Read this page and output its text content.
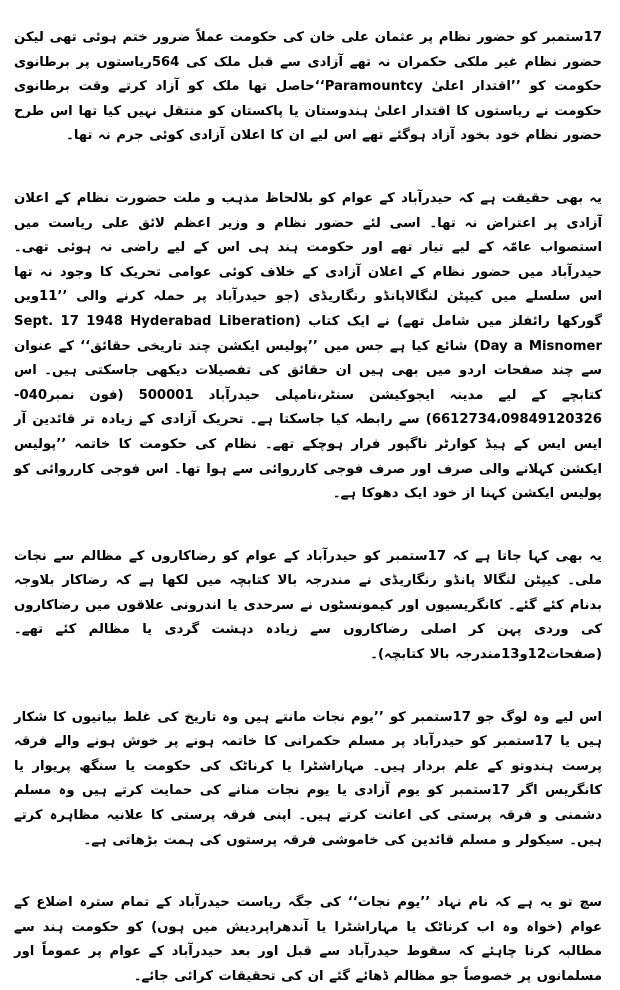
17ستمبر کو حضور نظام پر عثمان علی خان کی حکومت عملاً ضرور ختم ہوئی تھی لیکن حضور نظام غیر ملکی حکمران نہ تھے آزادی سے قبل ملک کی 564ریاستوں پر برطانوی حکومت کو ’’اقتدار اعلیٰ Paramountcy‘‘حاصل تھا ملک کو آزاد کرتے وقت برطانوی حکومت نے ریاستوں کا اقتدار اعلیٰ ہندوستان یا پاکستان کو منتقل نہیں کیا تھا اس طرح حضور نظام خود بخود آزاد ہوگئے تھے اس لیے ان کا اعلان آزادی کوئی جرم نہ تھا۔

یہ بھی حقیقت ہے کہ حیدرآباد کے عوام کو بلالحاظ مذہب و ملت حضورت نظام کے اعلان آزادی پر اعتراض نہ تھا۔ اسی لئے حضور نظام و وزیر اعظم لائق علی ریاست میں استصواب عامّہ کے لیے تیار تھے اور حکومت ہند ہی اس کے لیے راضی نہ ہوئی تھی۔ حیدرآباد میں حضور نظام کے اعلان آزادی کے خلاف کوئی عوامی تحریک کا وجود نہ تھا اس سلسلے میں کیپٹن لنگالاپانڈو رنگاریڈی (جو حیدرآباد پر حملہ کرنے والی ’’11ویں گورکھا رائفلز میں شامل تھے) نے ایک کتاب (Sept. 17 1948 Hyderabad Liberation Day a Misnomer) شائع کیا ہے جس میں ’’پولیس ایکشن چند تاریخی حقائق‘‘ کے عنوان سے چند صفحات اردو میں بھی ہیں ان حقائق کی تفصیلات دیکھی جاسکتی ہیں۔ اس کتابچے کے لیے مدینہ ایجوکیشن سنٹر،نامپلی حیدرآباد 500001 (فون نمبر040-6612734،09849120326) سے رابطہ کیا جاسکتا ہے۔ تحریک آزادی کے زیادہ تر قائدین آر ایس ایس کے ہیڈ کوارٹر ناگپور فرار ہوچکے تھے۔ نظام کی حکومت کا خاتمہ ’’پولیس ایکشن کہلانے والی صرف اور صرف فوجی کارروائی سے ہوا تھا۔ اس فوجی کارروائی کو پولیس ایکشن کہنا از خود ایک دھوکا ہے۔

یہ بھی کہا جاتا ہے کہ 17ستمبر کو حیدرآباد کے عوام کو رضاکاروں کے مظالم سے نجات ملی۔ کیپٹن لنگالا پانڈو رنگاریڈی نے مندرجہ بالا کتابچہ میں لکھا ہے کہ رضاکار بلاوجہ بدنام کئے گئے۔ کانگریسیوں اور کیمونسٹوں نے سرحدی یا اندرونی علاقوں میں رضاکاروں کی وردی پہن کر اصلی رضاکاروں سے زیادہ دہشت گردی یا مظالم کئے تھے۔ (صفحات12و13مندرجہ بالا کتابچہ)۔

اس لیے وہ لوگ جو 17ستمبر کو ’’یوم نجات مانتے ہیں وہ تاریخ کی غلط بیانیوں کا شکار ہیں یا 17ستمبر کو حیدرآباد پر مسلم حکمرانی کا خاتمہ ہونے پر خوش ہونے والے فرقہ پرست ہندوتو کے علم بردار ہیں۔ مہاراشٹرا یا کرناٹک کی حکومت یا سنگھ پریوار یا کانگریس اگر 17ستمبر کو یوم آزادی یا یوم نجات منانے کی حمایت کرتے ہیں وہ مسلم دشمنی و فرقہ پرستی کی اعانت کرتے ہیں۔ اپنی فرقہ پرستی کا علانیہ مظاہرہ کرتے ہیں۔ سیکولر و مسلم قائدین کی خاموشی فرقہ پرستوں کی ہمت بڑھاتی ہے۔

سچ تو یہ ہے کہ نام نہاد ’’یوم نجات‘‘ کی جگہ ریاست حیدرآباد کے تمام سترہ اضلاع کے عوام (خواہ وہ اب کرناٹک یا مہاراشٹرا یا آندھراپردیش میں ہوں) کو حکومت ہند سے مطالبہ کرنا چاہئے کہ سقوط حیدرآباد سے قبل اور بعد حیدرآباد کے عوام پر عموماً اور مسلمانوں پر خصوصاً جو مظالم ڈھائے گئے ان کی تحقیقات کرائی جائے۔
